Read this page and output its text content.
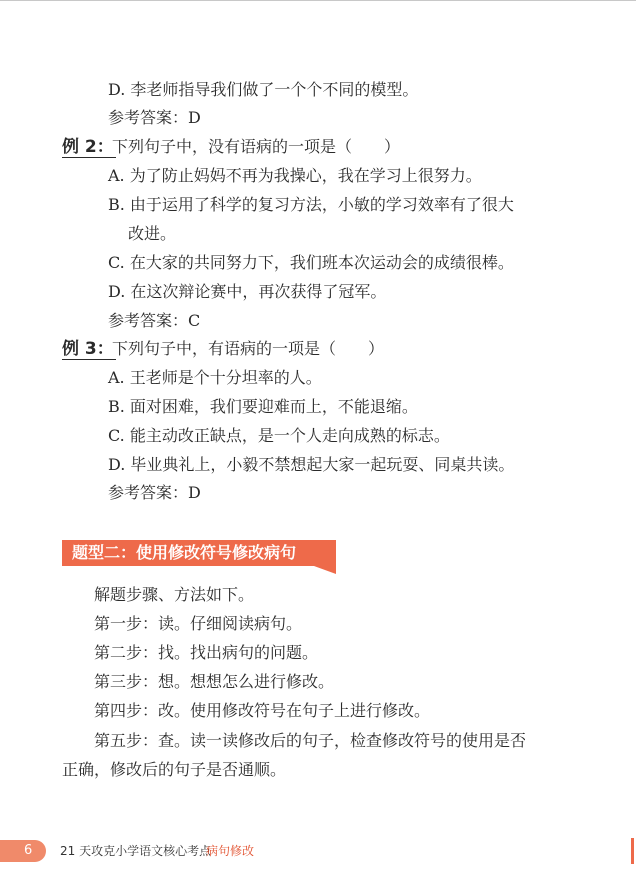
D. 李老师指导我们做了一个个不同的模型。
参考答案：D
例 2：
下列句子中，没有语病的一项是（　　）
A. 为了防止妈妈不再为我操心，我在学习上很努力。
B. 由于运用了科学的复习方法，小敏的学习效率有了很大
改进。
C. 在大家的共同努力下，我们班本次运动会的成绩很棒。
D. 在这次辩论赛中，再次获得了冠军。
参考答案：C
例 3：
下列句子中，有语病的一项是（　　）
A. 王老师是个十分坦率的人。
B. 面对困难，我们要迎难而上，不能退缩。
C. 能主动改正缺点，是一个人走向成熟的标志。
D. 毕业典礼上，小毅不禁想起大家一起玩耍、同桌共读。
参考答案：D
题型二：使用修改符号修改病句
解题步骤、方法如下。
第一步：读。仔细阅读病句。
第二步：找。找出病句的问题。
第三步：想。想想怎么进行修改。
第四步：改。使用修改符号在句子上进行修改。
第五步：查。读一读修改后的句子，检查修改符号的使用是否
正确，修改后的句子是否通顺。
6 21 天攻克小学语文核心考点
病句修改
